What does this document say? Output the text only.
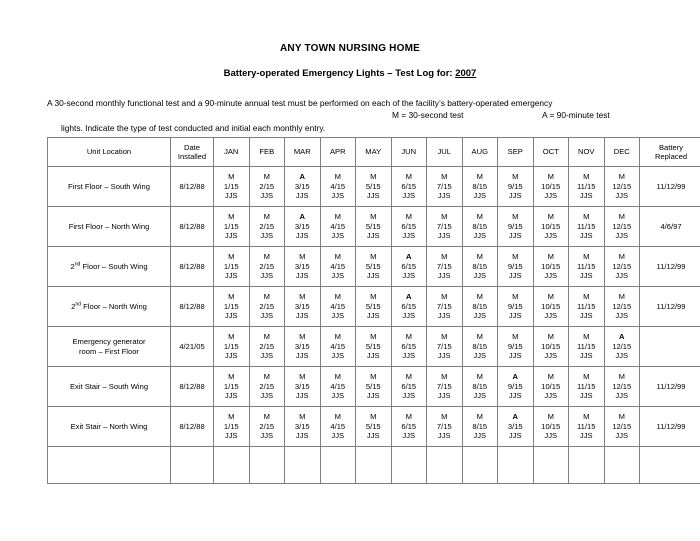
ANY TOWN NURSING HOME
Battery-operated Emergency Lights – Test Log for: 2007
A 30-second monthly functional test and a 90-minute annual test must be performed on each of the facility’s battery-operated emergency

lights. Indicate the type of test conducted and initial each monthly entry.

M = 30-second test

	A = 90-minute test

Unit Location	Date
Installed	JAN	FEB	MAR	APR	MAY	JUN	JUL	AUG	SEP	OCT	NOV	DEC	Battery
Replaced
First Floor – South Wing	8/12/88	M
1/15
JJS	M
2/15
JJS	A
3/15
JJS	M
4/15
JJS	M
5/15
JJS	M
6/15
JJS	M
7/15
JJS	M
8/15
JJS	M
9/15
JJS	M
10/15
JJS	M
11/15
JJS	M
12/15
JJS	11/12/99
First Floor – North Wing	8/12/88	M
1/15
JJS	M
2/15
JJS	A
3/15
JJS	M
4/15
JJS	M
5/15
JJS	M
6/15
JJS	M
7/15
JJS	M
8/15
JJS	M
9/15
JJS	M
10/15
JJS	M
11/15
JJS	M
12/15
JJS	4/6/97
2nd Floor – South Wing	8/12/88	M
1/15
JJS	M
2/15
JJS	M
3/15
JJS	M
4/15
JJS	M
5/15
JJS	A
6/15
JJS	M
7/15
JJS	M
8/15
JJS	M
9/15
JJS	M
10/15
JJS	M
11/15
JJS	M
12/15
JJS	11/12/99
2nd Floor – North Wing	8/12/88	M
1/15
JJS	M
2/15
JJS	M
3/15
JJS	M
4/15
JJS	M
5/15
JJS	A
6/15
JJS	M
7/15
JJS	M
8/15
JJS	M
9/15
JJS	M
10/15
JJS	M
11/15
JJS	M
12/15
JJS	11/12/99
Emergency generator
room – First Floor	4/21/05	M
1/15
JJS	M
2/15
JJS	M
3/15
JJS	M
4/15
JJS	M
5/15
JJS	M
6/15
JJS	M
7/15
JJS	M
8/15
JJS	M
9/15
JJS	M
10/15
JJS	M
11/15
JJS	A
12/15
JJS	

Exit Stair – South Wing	8/12/88	M
1/15
JJS	M
2/15
JJS	M
3/15
JJS	M
4/15
JJS	M
5/15
JJS	M
6/15
JJS	M
7/15
JJS	M
8/15
JJS	A
9/15
JJS	M
10/15
JJS	M
11/15
JJS	M
12/15
JJS	11/12/99
Exit Stair – North Wing	8/12/88	M
1/15
JJS	M
2/15
JJS	M
3/15
JJS	M
4/15
JJS	M
5/15
JJS	M
6/15
JJS	M
7/15
JJS	M
8/15
JJS	A
3/15
JJS	M
10/15
JJS	M
11/15
JJS	M
12/15
JJS	11/12/99
